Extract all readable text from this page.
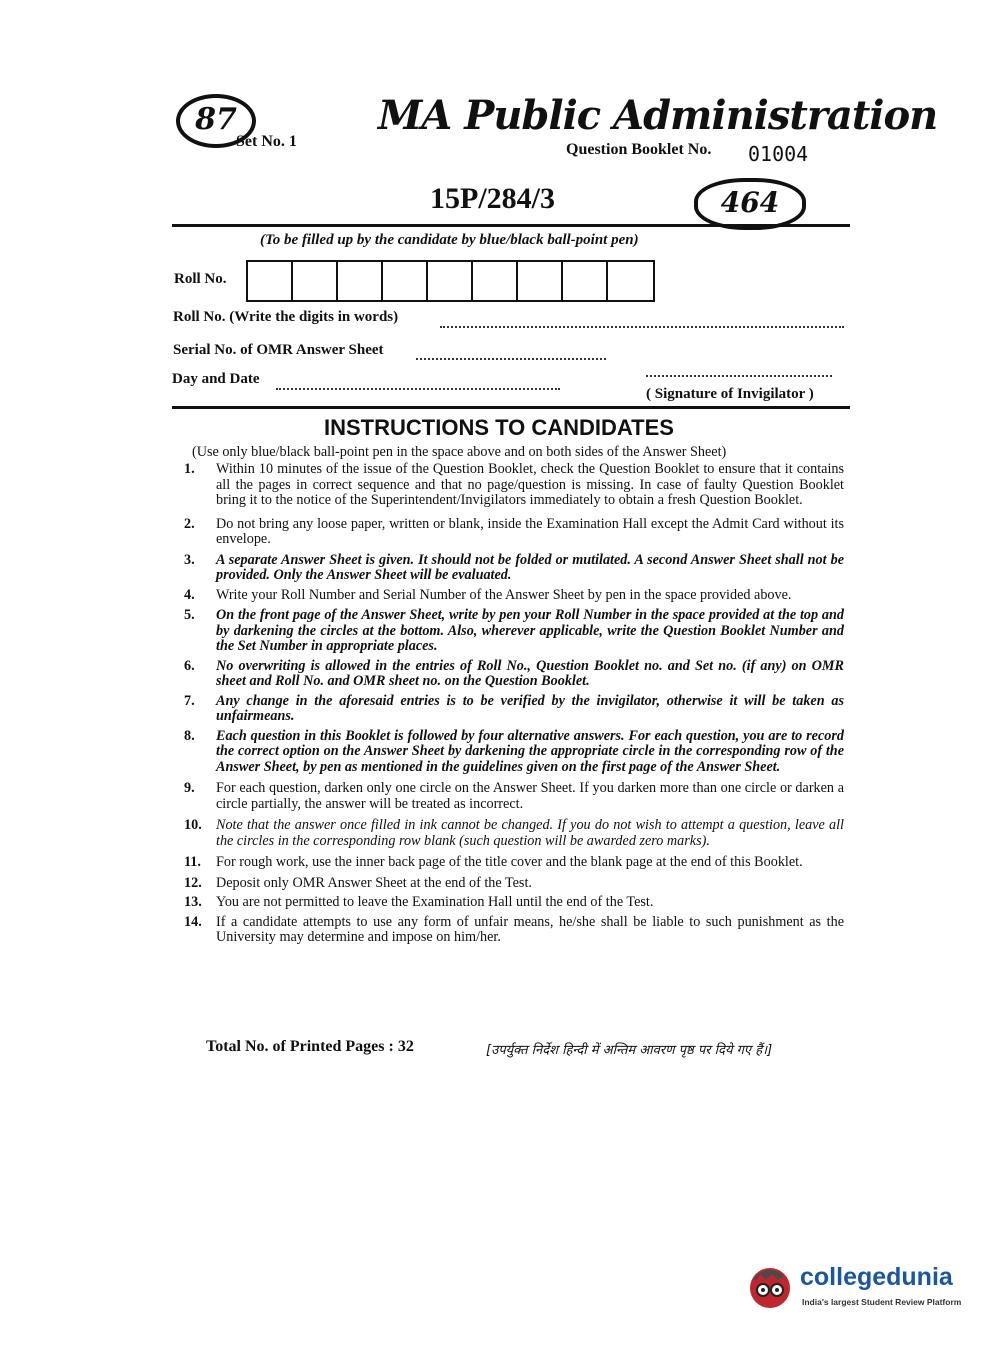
87	MA Public Administration
Set No. 1	Question Booklet No. 01004
15P/284/3	464
(To be filled up by the candidate by blue/black ball-point pen)
Roll No.
Roll No. (Write the digits in words)
Serial No. of OMR Answer Sheet
Day and Date
( Signature of Invigilator )
INSTRUCTIONS TO CANDIDATES
(Use only blue/black ball-point pen in the space above and on both sides of the Answer Sheet)
1.	Within 10 minutes of the issue of the Question Booklet, check the Question Booklet to ensure that it contains all the pages in correct sequence and that no page/question is missing. In case of faulty Question Booklet bring it to the notice of the Superintendent/Invigilators immediately to obtain a fresh Question Booklet.
2.	Do not bring any loose paper, written or blank, inside the Examination Hall except the Admit Card without its envelope.
3.	A separate Answer Sheet is given. It should not be folded or mutilated. A second Answer Sheet shall not be provided. Only the Answer Sheet will be evaluated.
4.	Write your Roll Number and Serial Number of the Answer Sheet by pen in the space provided above.
5.	On the front page of the Answer Sheet, write by pen your Roll Number in the space provided at the top and by darkening the circles at the bottom. Also, wherever applicable, write the Question Booklet Number and the Set Number in appropriate places.
6.	No overwriting is allowed in the entries of Roll No., Question Booklet no. and Set no. (if any) on OMR sheet and Roll No. and OMR sheet no. on the Question Booklet.
7.	Any change in the aforesaid entries is to be verified by the invigilator, otherwise it will be taken as unfairmeans.
8.	Each question in this Booklet is followed by four alternative answers. For each question, you are to record the correct option on the Answer Sheet by darkening the appropriate circle in the corresponding row of the Answer Sheet, by pen as mentioned in the guidelines given on the first page of the Answer Sheet.
9.	For each question, darken only one circle on the Answer Sheet. If you darken more than one circle or darken a circle partially, the answer will be treated as incorrect.
10.	Note that the answer once filled in ink cannot be changed. If you do not wish to attempt a question, leave all the circles in the corresponding row blank (such question will be awarded zero marks).
11.	For rough work, use the inner back page of the title cover and the blank page at the end of this Booklet.
12.	Deposit only OMR Answer Sheet at the end of the Test.
13.	You are not permitted to leave the Examination Hall until the end of the Test.
14.	If a candidate attempts to use any form of unfair means, he/she shall be liable to such punishment as the University may determine and impose on him/her.
Total No. of Printed Pages : 32	[उपर्युक्त निर्देश हिन्दी में अन्तिम आवरण पृष्ठ पर दिये गए हैं।]
collegedunia
India's largest Student Review Platform
